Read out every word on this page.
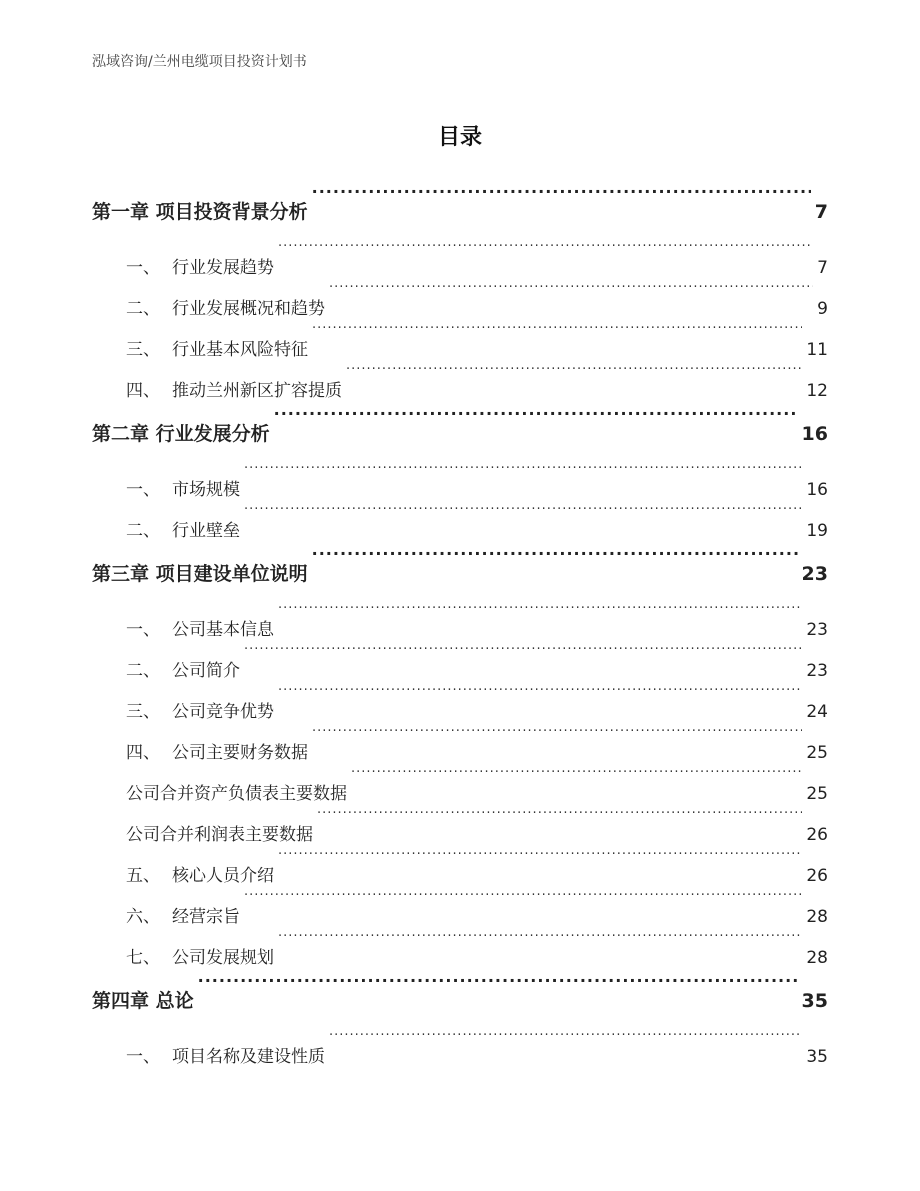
泓域咨询/兰州电缆项目投资计划书
目录
第一章 项目投资背景分析 .....	7
一、 行业发展趋势 .....	7
二、 行业发展概况和趋势 .....	9
三、 行业基本风险特征 .....	11
四、 推动兰州新区扩容提质 .....	12
第二章 行业发展分析 .....	16
一、 市场规模 .....	16
二、 行业壁垒 .....	19
第三章 项目建设单位说明 .....	23
一、 公司基本信息 .....	23
二、 公司简介 .....	23
三、 公司竞争优势 .....	24
四、 公司主要财务数据 .....	25
公司合并资产负债表主要数据 .....	25
公司合并利润表主要数据 .....	26
五、 核心人员介绍 .....	26
六、 经营宗旨 .....	28
七、 公司发展规划 .....	28
第四章 总论 .....	35
一、 项目名称及建设性质 .....	35
